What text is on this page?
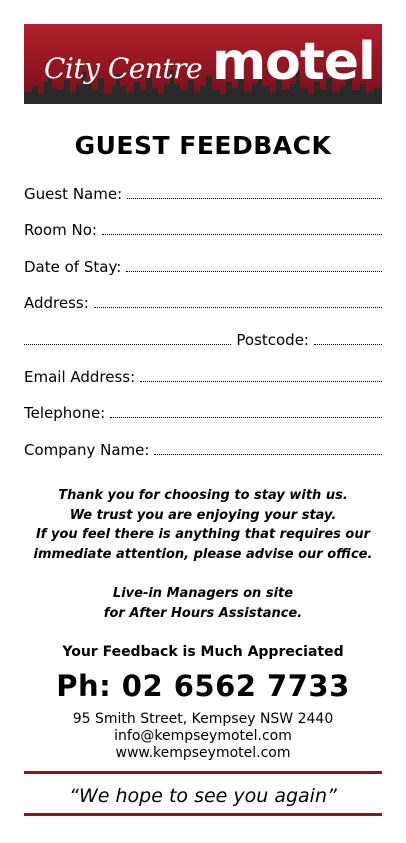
City Centre motel
GUEST FEEDBACK
Guest Name:
Room No:
Date of Stay:
Address:
Postcode:
Email Address:
Telephone:
Company Name:
Thank you for choosing to stay with us.
We trust you are enjoying your stay.
If you feel there is anything that requires our
immediate attention, please advise our office.
Live-in Managers on site
for After Hours Assistance.
Your Feedback is Much Appreciated
Ph: 02 6562 7733
95 Smith Street, Kempsey NSW 2440
info@kempseymotel.com
www.kempseymotel.com
“We hope to see you again”
